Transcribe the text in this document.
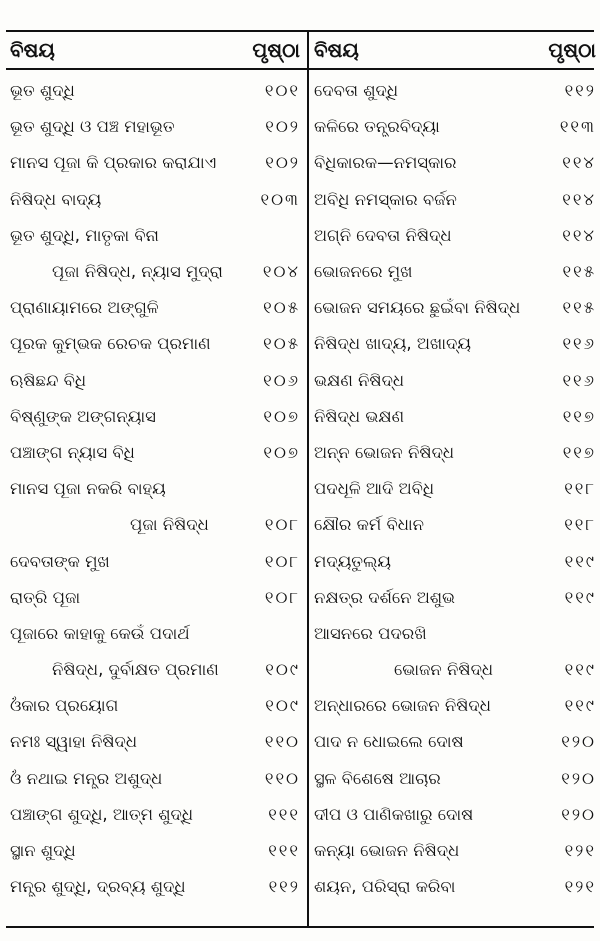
ବିଷୟ	ପୃଷ୍ଠା
ଭୂତ ଶୁଦ୍ଧି	୧୦୧
ଭୂତ ଶୁଦ୍ଧି ଓ ପଞ୍ଚ ମହାଭୂତ	୧୦୨
ମାନସ ପୂଜା କି ପ୍ରକାର କରାଯାଏ	୧୦୨
ନିଷିଦ୍ଧ ବାଦ୍ୟ	୧୦୩
ଭୂତ ଶୁଦ୍ଧି, ମାତୃକା ବିନା
ପୂଜା ନିଷିଦ୍ଧ, ନ୍ୟାସ ମୁଦ୍ରା	୧୦୪
ପ୍ରାଣାୟାମରେ ଅଙ୍ଗୁଳି	୧୦୫
ପୂରକ କୁମ୍ଭକ ରେଚକ ପ୍ରମାଣ	୧୦୫
ଋଷିଛନ୍ଦ ବିଧି	୧୦୬
ବିଷ୍ଣୁଙ୍କ ଅଙ୍ଗନ୍ୟାସ	୧୦୭
ପଞ୍ଚାଙ୍ଗ ନ୍ୟାସ ବିଧି	୧୦୭
ମାନସ ପୂଜା ନକରି ବାହ୍ୟ
ପୂଜା ନିଷିଦ୍ଧ	୧୦୮
ଦେବତାଙ୍କ ମୁଖ	୧୦୮
ରାତ୍ରି ପୂଜା	୧୦୮
ପୂଜାରେ କାହାକୁ କେଉଁ ପଦାର୍ଥ
ନିଷିଦ୍ଧ, ଦୁର୍ବାକ୍ଷତ ପ୍ରମାଣ	୧୦୯
ଓଁକାର ପ୍ରୟୋଗ	୧୦୯
ନମଃ ସ୍ୱାହା ନିଷିଦ୍ଧ	୧୧୦
ଓଁ ନଥାଇ ମନ୍ତ୍ର ଅଶୁଦ୍ଧ	୧୧୦
ପଞ୍ଚାଙ୍ଗ ଶୁଦ୍ଧି, ଆତ୍ମ ଶୁଦ୍ଧି	୧୧୧
ସ୍ଥାନ ଶୁଦ୍ଧି	୧୧୧
ମନ୍ତ୍ର ଶୁଦ୍ଧି, ଦ୍ରବ୍ୟ ଶୁଦ୍ଧି	୧୧୨
ବିଷୟ	ପୃଷ୍ଠା
ଦେବତା ଶୁଦ୍ଧି	୧୧୨
କଳିରେ ତନ୍ତ୍ରବିଦ୍ୟା	୧୧୩
ବିଧିକାରକ—ନମସ୍କାର	୧୧୪
ଅବିଧି ନମସ୍କାର ବର୍ଜନ	୧୧୪
ଅଗ୍ନି ଦେବତା ନିଷିଦ୍ଧ	୧୧୪
ଭୋଜନରେ ମୁଖ	୧୧୫
ଭୋଜନ ସମୟରେ ଛୁଇଁବା ନିଷିଦ୍ଧ	୧୧୫
ନିଷିଦ୍ଧ ଖାଦ୍ୟ, ଅଖାଦ୍ୟ	୧୧୬
ଭକ୍ଷଣ ନିଷିଦ୍ଧ	୧୧୬
ନିଷିଦ୍ଧ ଭକ୍ଷଣ	୧୧୭
ଅନ୍ନ ଭୋଜନ ନିଷିଦ୍ଧ	୧୧୭
ପଦଧୂଳି ଆଦି ଅବିଧି	୧୧୮
କ୍ଷୌର କର୍ମ ବିଧାନ	୧୧୮
ମଦ୍ୟତୁଲ୍ୟ	୧୧୯
ନକ୍ଷତ୍ର ଦର୍ଶନେ ଅଶୁଭ	୧୧୯
ଆସନରେ ପଦରଖି
ଭୋଜନ ନିଷିଦ୍ଧ	୧୧୯
ଅନ୍ଧାରରେ ଭୋଜନ ନିଷିଦ୍ଧ	୧୧୯
ପାଦ ନ ଧୋଇଲେ ଦୋଷ	୧୨୦
ସ୍ଥଳ ବିଶେଷେ ଆଚାର	୧୨୦
ଦୀପ ଓ ପାଣିକଖାରୁ ଦୋଷ	୧୨୦
କନ୍ୟା ଭୋଜନ ନିଷିଦ୍ଧ	୧୨୧
ଶୟନ, ପରିସ୍ରା କରିବା	୧୨୧
